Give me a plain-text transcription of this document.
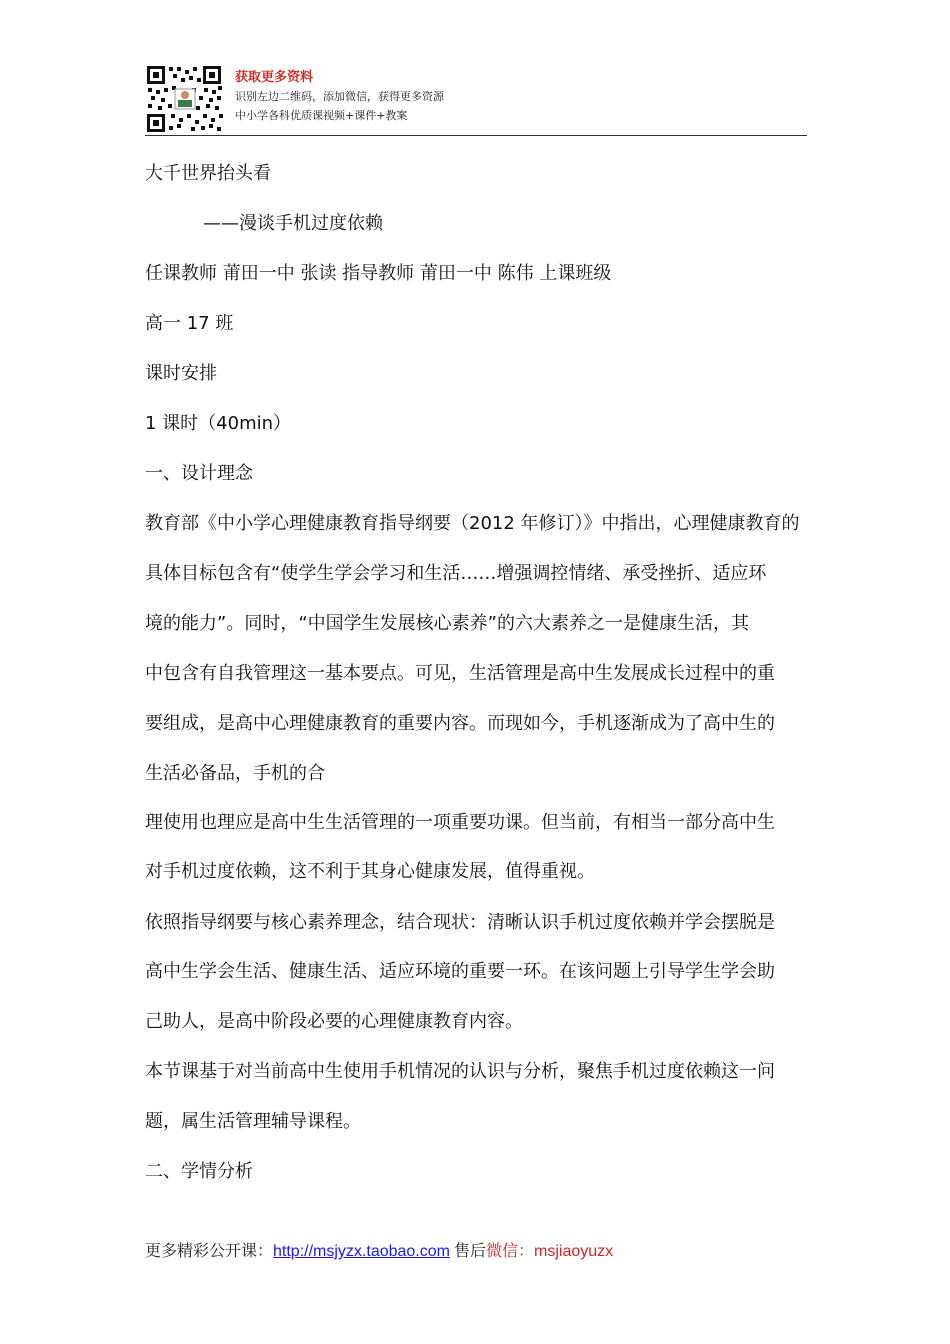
获取更多资料
识别左边二维码，添加微信，获得更多资源
中小学各科优质课视频+课件+教案
大千世界抬头看
——漫谈手机过度依赖
任课教师 莆田一中 张读 指导教师 莆田一中 陈伟 上课班级
高一 17 班
课时安排
1 课时（40min）
一、设计理念
教育部《中小学心理健康教育指导纲要（2012 年修订）》中指出，心理健康教育的
具体目标包含有“使学生学会学习和生活……增强调控情绪、承受挫折、适应环
境的能力”。同时，“中国学生发展核心素养”的六大素养之一是健康生活，其
中包含有自我管理这一基本要点。可见，生活管理是高中生发展成长过程中的重
要组成，是高中心理健康教育的重要内容。而现如今，手机逐渐成为了高中生的
生活必备品，手机的合
理使用也理应是高中生生活管理的一项重要功课。但当前，有相当一部分高中生
对手机过度依赖，这不利于其身心健康发展，值得重视。
依照指导纲要与核心素养理念，结合现状：清晰认识手机过度依赖并学会摆脱是
高中生学会生活、健康生活、适应环境的重要一环。在该问题上引导学生学会助
己助人，是高中阶段必要的心理健康教育内容。
本节课基于对当前高中生使用手机情况的认识与分析，聚焦手机过度依赖这一问
题，属生活管理辅导课程。
二、学情分析
更多精彩公开课：http://msjyzx.taobao.com 售后微信：msjiaoyuzx
